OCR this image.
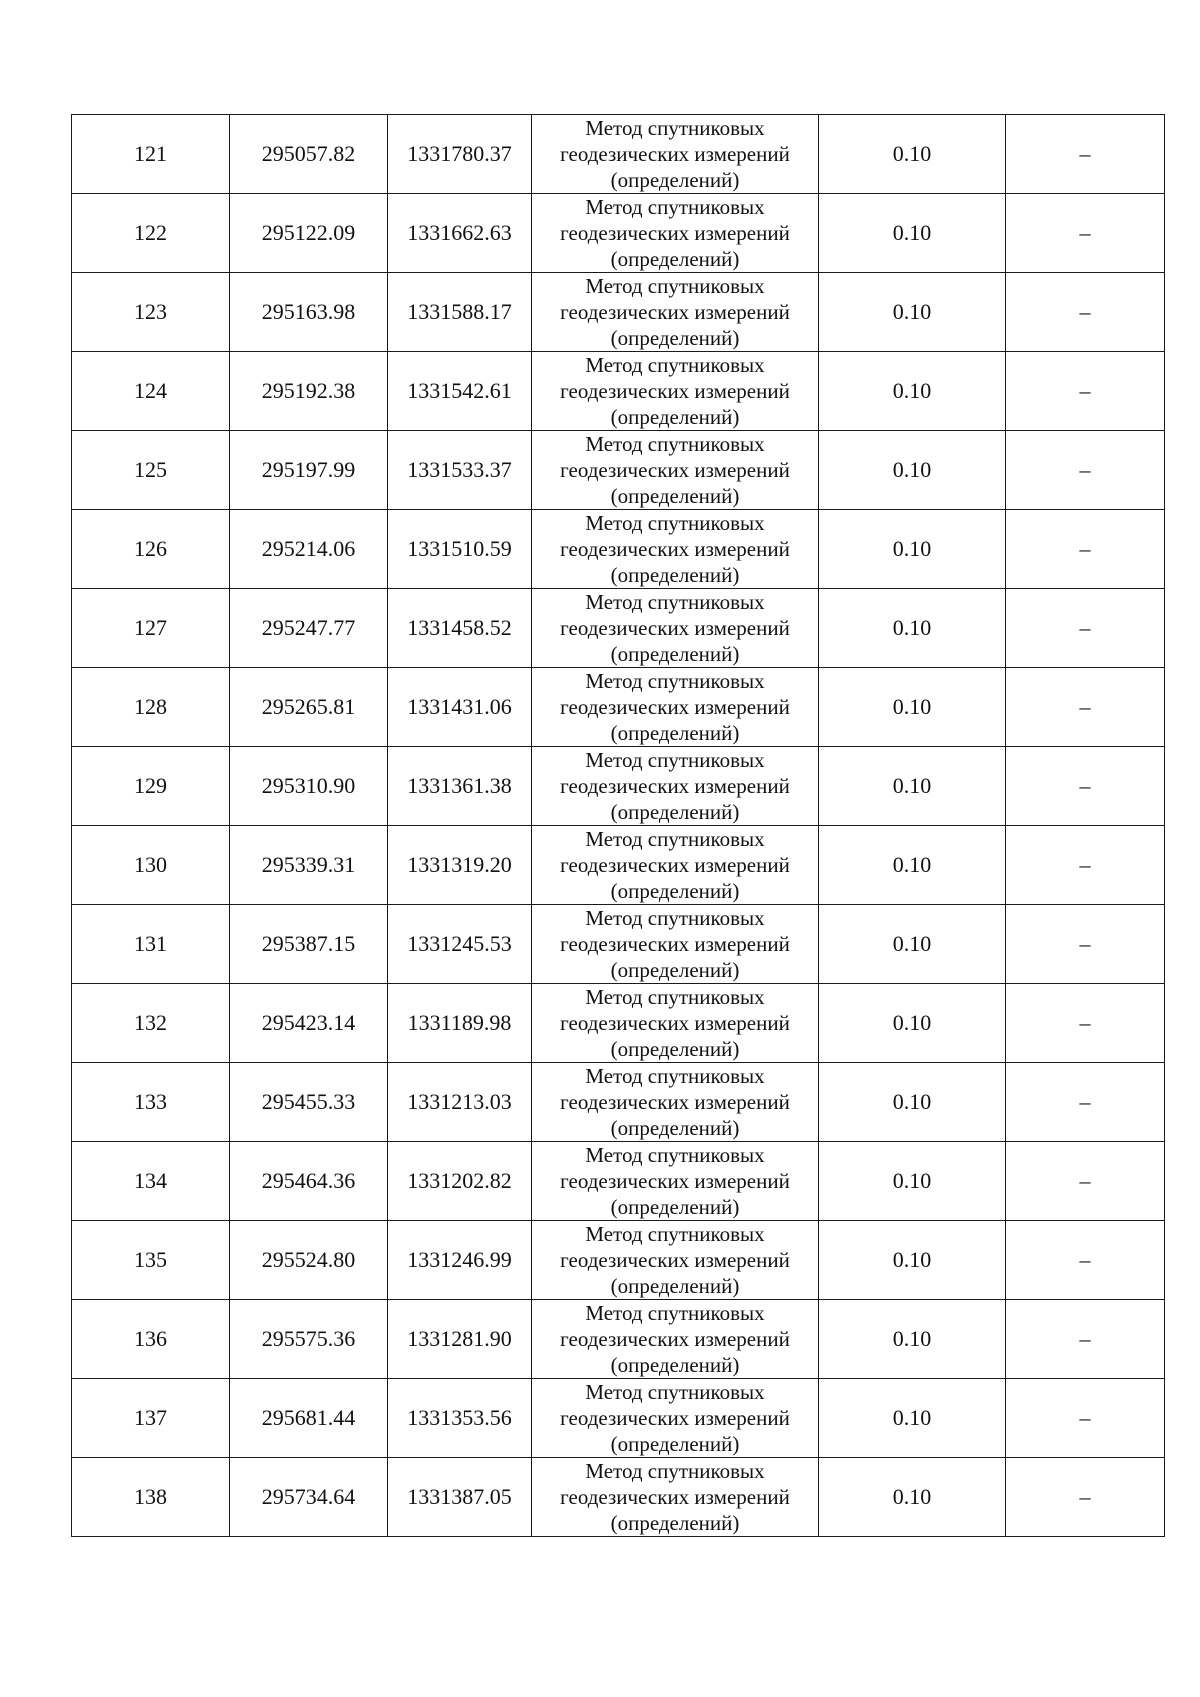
121	295057.82	1331780.37	Метод спутниковых
геодезических измерений
(определений)	0.10	–
122	295122.09	1331662.63	Метод спутниковых
геодезических измерений
(определений)	0.10	–
123	295163.98	1331588.17	Метод спутниковых
геодезических измерений
(определений)	0.10	–
124	295192.38	1331542.61	Метод спутниковых
геодезических измерений
(определений)	0.10	–
125	295197.99	1331533.37	Метод спутниковых
геодезических измерений
(определений)	0.10	–
126	295214.06	1331510.59	Метод спутниковых
геодезических измерений
(определений)	0.10	–
127	295247.77	1331458.52	Метод спутниковых
геодезических измерений
(определений)	0.10	–
128	295265.81	1331431.06	Метод спутниковых
геодезических измерений
(определений)	0.10	–
129	295310.90	1331361.38	Метод спутниковых
геодезических измерений
(определений)	0.10	–
130	295339.31	1331319.20	Метод спутниковых
геодезических измерений
(определений)	0.10	–
131	295387.15	1331245.53	Метод спутниковых
геодезических измерений
(определений)	0.10	–
132	295423.14	1331189.98	Метод спутниковых
геодезических измерений
(определений)	0.10	–
133	295455.33	1331213.03	Метод спутниковых
геодезических измерений
(определений)	0.10	–
134	295464.36	1331202.82	Метод спутниковых
геодезических измерений
(определений)	0.10	–
135	295524.80	1331246.99	Метод спутниковых
геодезических измерений
(определений)	0.10	–
136	295575.36	1331281.90	Метод спутниковых
геодезических измерений
(определений)	0.10	–
137	295681.44	1331353.56	Метод спутниковых
геодезических измерений
(определений)	0.10	–
138	295734.64	1331387.05	Метод спутниковых
геодезических измерений
(определений)	0.10	–
